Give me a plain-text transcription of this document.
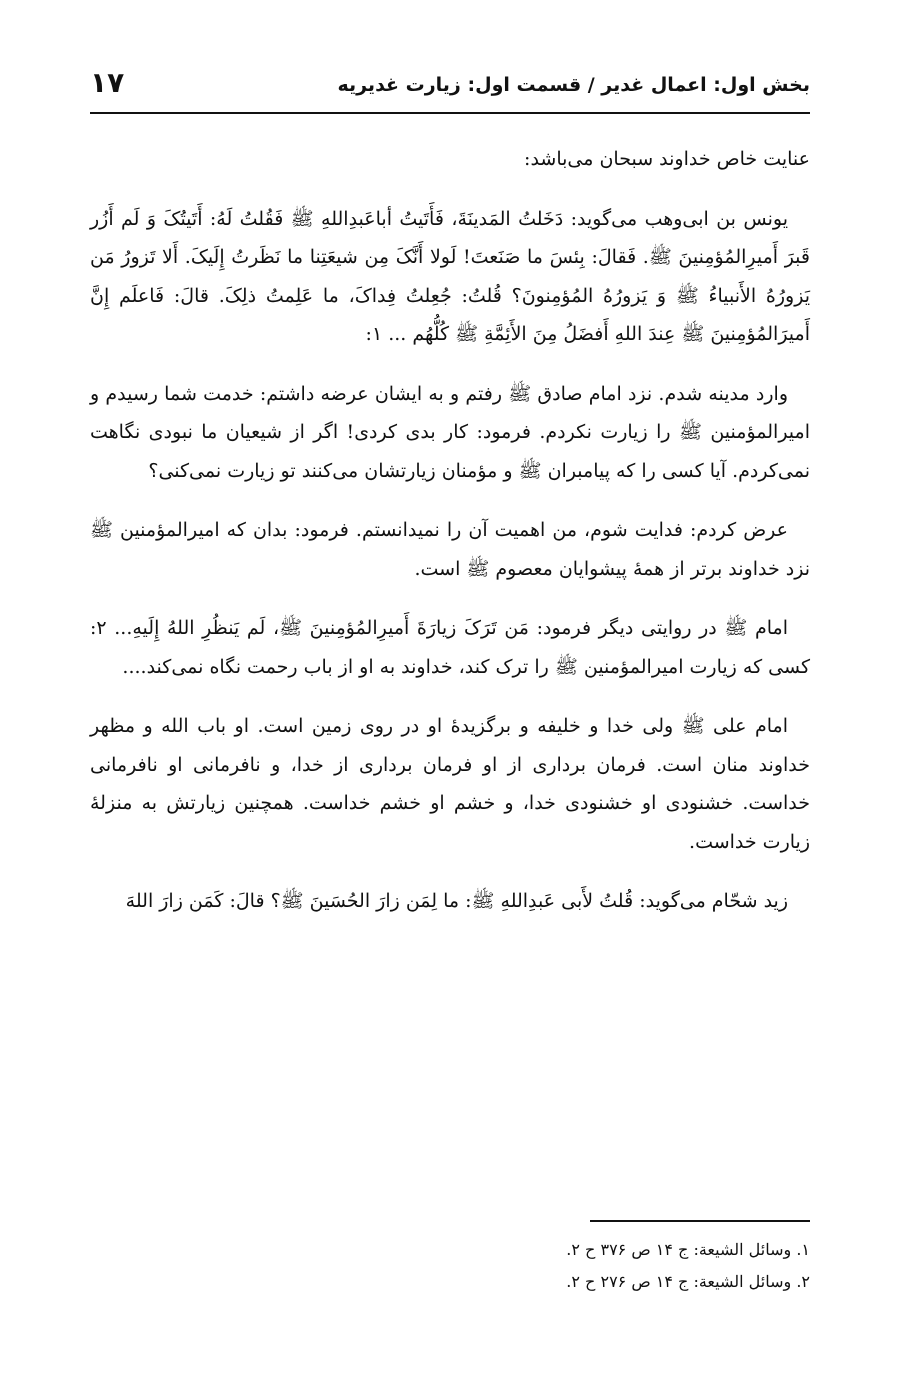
بخش اول: اعمال غدیر / قسمت اول: زیارت غدیریه
۱۷

عنایت خاص خداوند سبحان می‌باشد:

یونس بن ابی‌وهب می‌گوید: دَخَلتُ المَدینَةَ، فَأَتَیتُ أباعَبدِاللهِ ﷺ فَقُلتُ لَهُ: أَتَیتُکَ وَ لَم أَزُر قَبرَ أَمیرِالمُؤمِنینَ ﷺ. فَقالَ: بِئسَ ما صَنَعتَ! لَولا أَنَّکَ مِن شیعَتِنا ما نَظَرتُ إِلَیکَ. أَلا تَزورُ مَن یَزورُهُ الأَنبیاءُ ﷺ وَ یَزورُهُ المُؤمِنونَ؟ قُلتُ: جُعِلتُ فِداکَ، ما عَلِمتُ ذلِکَ. قالَ: فَاعلَم إِنَّ أَمیرَالمُؤمِنینَ ﷺ عِندَ اللهِ أَفضَلُ مِنَ الأَئِمَّةِ ﷺ کُلُّهُم ... ۱:

وارد مدینه شدم. نزد امام صادق ﷺ رفتم و به ایشان عرضه داشتم: خدمت شما رسیدم و امیرالمؤمنین ﷺ را زیارت نکردم. فرمود: کار بدی کردی! اگر از شیعیان ما نبودی نگاهت نمی‌کردم. آیا کسی را که پیامبران ﷺ و مؤمنان زیارتشان می‌کنند تو زیارت نمی‌کنی؟

عرض کردم: فدایت شوم، من اهمیت آن را نمیدانستم. فرمود: بدان که امیرالمؤمنین ﷺ نزد خداوند برتر از همهٔ پیشوایان معصوم ﷺ است.

امام ﷺ در روایتی دیگر فرمود: مَن تَرَکَ زیارَةَ أَمیرِالمُؤمِنینَ ﷺ، لَم یَنظُرِ اللهُ إِلَیهِ... ۲: کسی که زیارت امیرالمؤمنین ﷺ را ترک کند، خداوند به او از باب رحمت نگاه نمی‌کند....

امام علی ﷺ ولی خدا و خلیفه و برگزیدهٔ او در روی زمین است. او باب الله و مظهر خداوند منان است. فرمان برداری از او فرمان برداری از خدا، و نافرمانی او نافرمانی خداست. خشنودی او خشنودی خدا، و خشم او خشم خداست. همچنین زیارتش به منزلهٔ زیارت خداست.

زید شحّام می‌گوید: قُلتُ لأَبی عَبدِاللهِ ﷺ: ما لِمَن زارَ الحُسَینَ ﷺ؟ قالَ: کَمَن زارَ اللهَ

۱. وسائل الشیعة: ج ۱۴ ص ۳۷۶ ح ۲.

۲. وسائل الشیعة: ج ۱۴ ص ۲۷۶ ح ۲.
